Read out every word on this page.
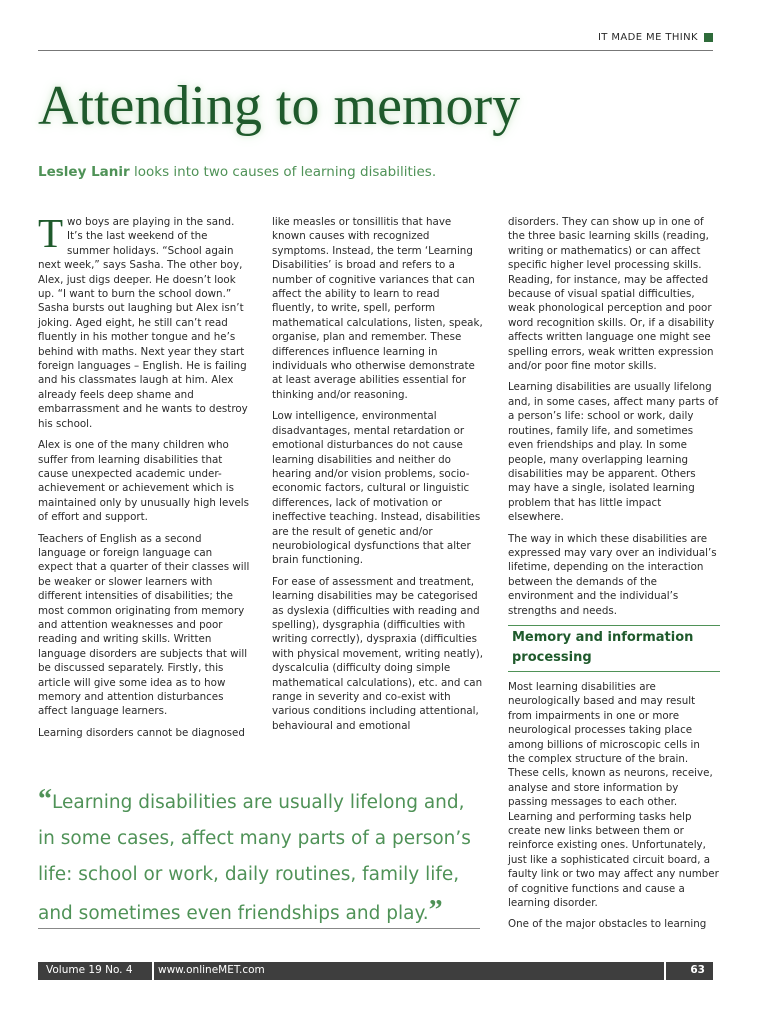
IT MADE ME THINK
Attending to memory

Lesley Lanir looks into two causes of learning disabilities.

Two boys are playing in the sand. It’s the last weekend of the summer holidays. “School again next week,” says Sasha. The other boy, Alex, just digs deeper. He doesn’t look up. “I want to burn the school down.” Sasha bursts out laughing but Alex isn’t joking. Aged eight, he still can’t read fluently in his mother tongue and he’s behind with maths. Next year they start foreign languages – English. He is failing and his classmates laugh at him. Alex already feels deep shame and embarrassment and he wants to destroy his school.

Alex is one of the many children who suffer from learning disabilities that cause unexpected academic under-achievement or achievement which is maintained only by unusually high levels of effort and support.

Teachers of English as a second language or foreign language can expect that a quarter of their classes will be weaker or slower learners with different intensities of disabilities; the most common originating from memory and attention weaknesses and poor reading and writing skills. Written language disorders are subjects that will be discussed separately. Firstly, this article will give some idea as to how memory and attention disturbances affect language learners.

Learning disorders cannot be diagnosed

like measles or tonsillitis that have known causes with recognized symptoms. Instead, the term ‘Learning Disabilities’ is broad and refers to a number of cognitive variances that can affect the ability to learn to read fluently, to write, spell, perform mathematical calculations, listen, speak, organise, plan and remember. These differences influence learning in individuals who otherwise demonstrate at least average abilities essential for thinking and/or reasoning.

Low intelligence, environmental disadvantages, mental retardation or emotional disturbances do not cause learning disabilities and neither do hearing and/or vision problems, socio-economic factors, cultural or linguistic differences, lack of motivation or ineffective teaching. Instead, disabilities are the result of genetic and/or neurobiological dysfunctions that alter brain functioning.

For ease of assessment and treatment, learning disabilities may be categorised as dyslexia (difficulties with reading and spelling), dysgraphia (difficulties with writing correctly), dyspraxia (difficulties with physical movement, writing neatly), dyscalculia (difficulty doing simple mathematical calculations), etc. and can range in severity and co-exist with various conditions including attentional, behavioural and emotional

disorders. They can show up in one of the three basic learning skills (reading, writing or mathematics) or can affect specific higher level processing skills. Reading, for instance, may be affected because of visual spatial difficulties, weak phonological perception and poor word recognition skills. Or, if a disability affects written language one might see spelling errors, weak written expression and/or poor fine motor skills.

Learning disabilities are usually lifelong and, in some cases, affect many parts of a person’s life: school or work, daily routines, family life, and sometimes even friendships and play. In some people, many overlapping learning disabilities may be apparent. Others may have a single, isolated learning problem that has little impact elsewhere.

The way in which these disabilities are expressed may vary over an individual’s lifetime, depending on the interaction between the demands of the environment and the individual’s strengths and needs.

Memory and information processing

Most learning disabilities are neurologically based and may result from impairments in one or more neurological processes taking place among billions of microscopic cells in the complex structure of the brain. These cells, known as neurons, receive, analyse and store information by passing messages to each other. Learning and performing tasks help create new links between them or reinforce existing ones. Unfortunately, just like a sophisticated circuit board, a faulty link or two may affect any number of cognitive functions and cause a learning disorder.

One of the major obstacles to learning

“Learning disabilities are usually lifelong and, in some cases, affect many parts of a person’s life: school or work, daily routines, family life, and sometimes even friendships and play.”

Volume 19 No. 4 www.onlineMET.com	63
